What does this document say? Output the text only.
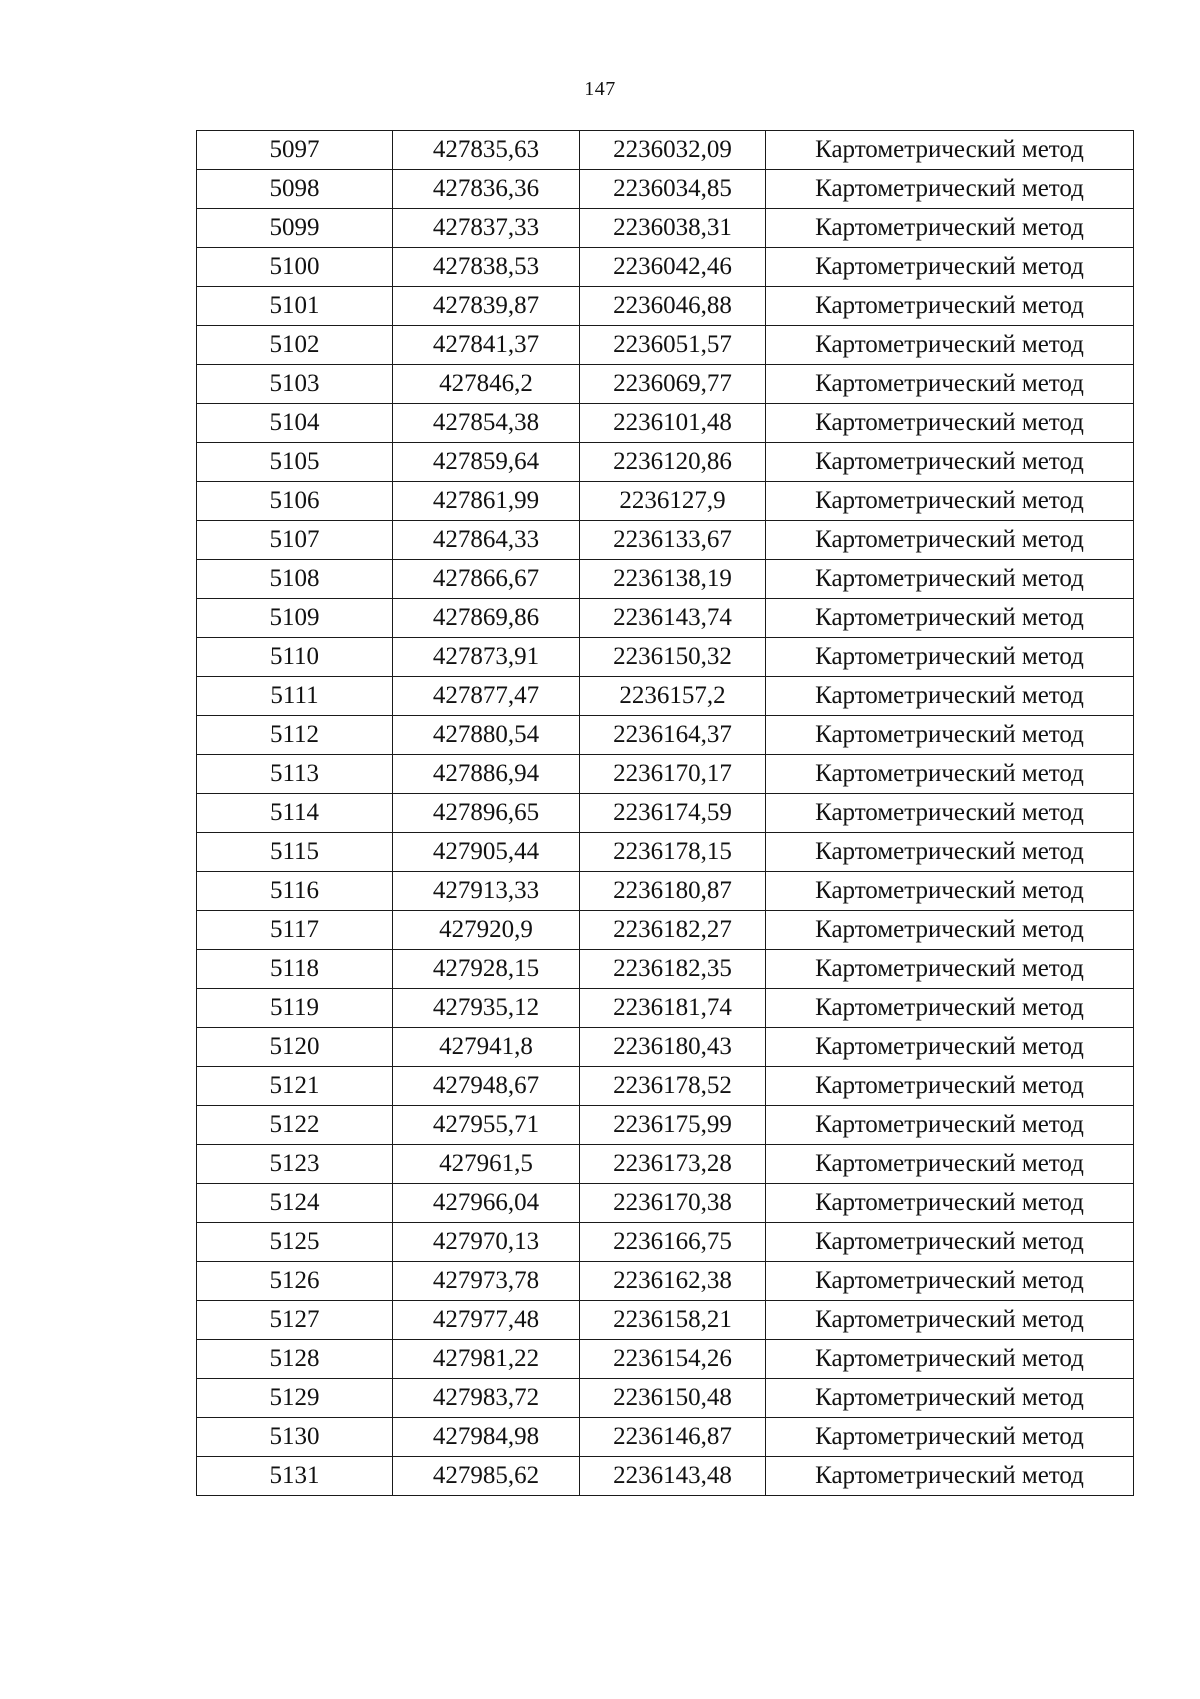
147
5097	427835,63	2236032,09	Картометрический метод
5098	427836,36	2236034,85	Картометрический метод
5099	427837,33	2236038,31	Картометрический метод
5100	427838,53	2236042,46	Картометрический метод
5101	427839,87	2236046,88	Картометрический метод
5102	427841,37	2236051,57	Картометрический метод
5103	427846,2	2236069,77	Картометрический метод
5104	427854,38	2236101,48	Картометрический метод
5105	427859,64	2236120,86	Картометрический метод
5106	427861,99	2236127,9	Картометрический метод
5107	427864,33	2236133,67	Картометрический метод
5108	427866,67	2236138,19	Картометрический метод
5109	427869,86	2236143,74	Картометрический метод
5110	427873,91	2236150,32	Картометрический метод
5111	427877,47	2236157,2	Картометрический метод
5112	427880,54	2236164,37	Картометрический метод
5113	427886,94	2236170,17	Картометрический метод
5114	427896,65	2236174,59	Картометрический метод
5115	427905,44	2236178,15	Картометрический метод
5116	427913,33	2236180,87	Картометрический метод
5117	427920,9	2236182,27	Картометрический метод
5118	427928,15	2236182,35	Картометрический метод
5119	427935,12	2236181,74	Картометрический метод
5120	427941,8	2236180,43	Картометрический метод
5121	427948,67	2236178,52	Картометрический метод
5122	427955,71	2236175,99	Картометрический метод
5123	427961,5	2236173,28	Картометрический метод
5124	427966,04	2236170,38	Картометрический метод
5125	427970,13	2236166,75	Картометрический метод
5126	427973,78	2236162,38	Картометрический метод
5127	427977,48	2236158,21	Картометрический метод
5128	427981,22	2236154,26	Картометрический метод
5129	427983,72	2236150,48	Картометрический метод
5130	427984,98	2236146,87	Картометрический метод
5131	427985,62	2236143,48	Картометрический метод
